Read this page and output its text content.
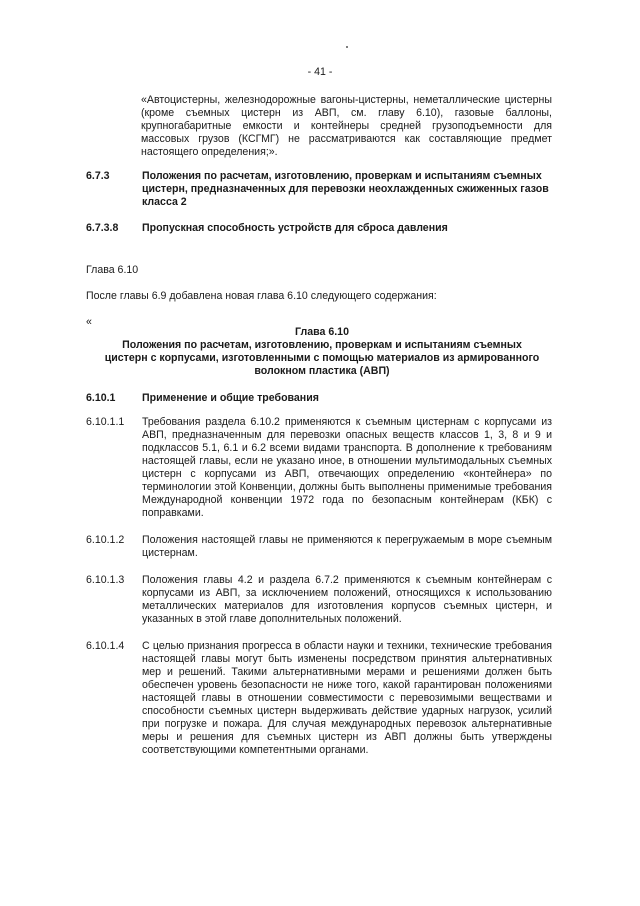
- 41 -
«Автоцистерны, железнодорожные вагоны-цистерны, неметаллические цистерны (кроме съемных цистерн из АВП, см. главу 6.10), газовые баллоны, крупногабаритные емкости и контейнеры средней грузоподъемности для массовых грузов (КСГМГ) не рассматриваются как составляющие предмет настоящего определения;».
6.7.3	Положения по расчетам, изготовлению, проверкам и испытаниям съемных цистерн, предназначенных для перевозки неохлажденных сжиженных газов класса 2
6.7.3.8	Пропускная способность устройств для сброса давления
Глава 6.10
После главы 6.9 добавлена новая глава 6.10 следующего содержания:
«
Глава 6.10
Положения по расчетам, изготовлению, проверкам и испытаниям съемных цистерн с корпусами, изготовленными с помощью материалов из армированного волокном пластика (АВП)
6.10.1	Применение и общие требования
6.10.1.1	Требования раздела 6.10.2 применяются к съемным цистернам с корпусами из АВП, предназначенным для перевозки опасных веществ классов 1, 3, 8 и 9 и подклассов 5.1, 6.1 и 6.2 всеми видами транспорта. В дополнение к требованиям настоящей главы, если не указано иное, в отношении мультимодальных съемных цистерн с корпусами из АВП, отвечающих определению «контейнера» по терминологии этой Конвенции, должны быть выполнены применимые требования Международной конвенции 1972 года по безопасным контейнерам (КБК) с поправками.
6.10.1.2	Положения настоящей главы не применяются к перегружаемым в море съемным цистернам.
6.10.1.3	Положения главы 4.2 и раздела 6.7.2 применяются к съемным контейнерам с корпусами из АВП, за исключением положений, относящихся к использованию металлических материалов для изготовления корпусов съемных цистерн, и указанных в этой главе дополнительных положений.
6.10.1.4	С целью признания прогресса в области науки и техники, технические требования настоящей главы могут быть изменены посредством принятия альтернативных мер и решений. Такими альтернативными мерами и решениями должен быть обеспечен уровень безопасности не ниже того, какой гарантирован положениями настоящей главы в отношении совместимости с перевозимыми веществами и способности съемных цистерн выдерживать действие ударных нагрузок, усилий при погрузке и пожара. Для случая международных перевозок альтернативные меры и решения для съемных цистерн из АВП должны быть утверждены соответствующими компетентными органами.
